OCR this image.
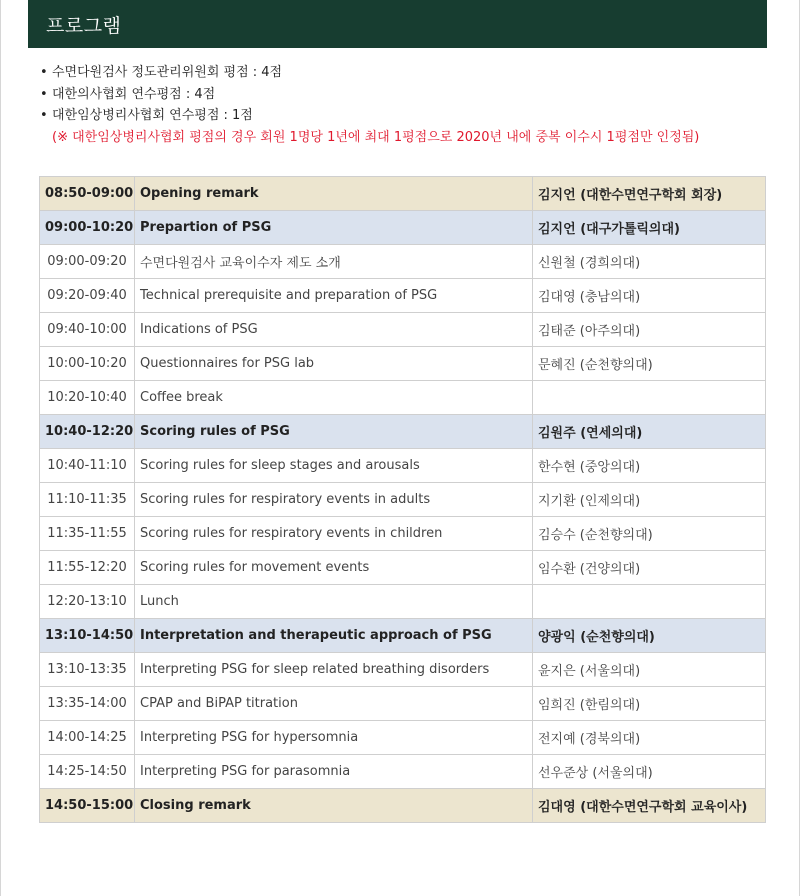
프로그램
• 수면다원검사 정도관리위원회 평점 : 4점
• 대한의사협회 연수평점 : 4점
• 대한임상병리사협회 연수평점 : 1점
(※ 대한임상병리사협회 평점의 경우 회원 1명당 1년에 최대 1평점으로 2020년 내에 중복 이수시 1평점만 인정됨)
08:50-09:00	Opening remark	김지언 (대한수면연구학회 회장)
09:00-10:20	Prepartion of PSG	김지언 (대구가톨릭의대)
09:00-09:20	수면다원검사 교육이수자 제도 소개	신원철 (경희의대)
09:20-09:40	Technical prerequisite and preparation of PSG	김대영 (충남의대)
09:40-10:00	Indications of PSG	김태준 (아주의대)
10:00-10:20	Questionnaires for PSG lab	문혜진 (순천향의대)
10:20-10:40	Coffee break	
10:40-12:20	Scoring rules of PSG	김원주 (연세의대)
10:40-11:10	Scoring rules for sleep stages and arousals	한수현 (중앙의대)
11:10-11:35	Scoring rules for respiratory events in adults	지기환 (인제의대)
11:35-11:55	Scoring rules for respiratory events in children	김승수 (순천향의대)
11:55-12:20	Scoring rules for movement events	임수환 (건양의대)
12:20-13:10	Lunch	
13:10-14:50	Interpretation and therapeutic approach of PSG	양광익 (순천향의대)
13:10-13:35	Interpreting PSG for sleep related breathing disorders	윤지은 (서울의대)
13:35-14:00	CPAP and BiPAP titration	임희진 (한림의대)
14:00-14:25	Interpreting PSG for hypersomnia	전지예 (경북의대)
14:25-14:50	Interpreting PSG for parasomnia	선우준상 (서울의대)
14:50-15:00	Closing remark	김대영 (대한수면연구학회 교육이사)
